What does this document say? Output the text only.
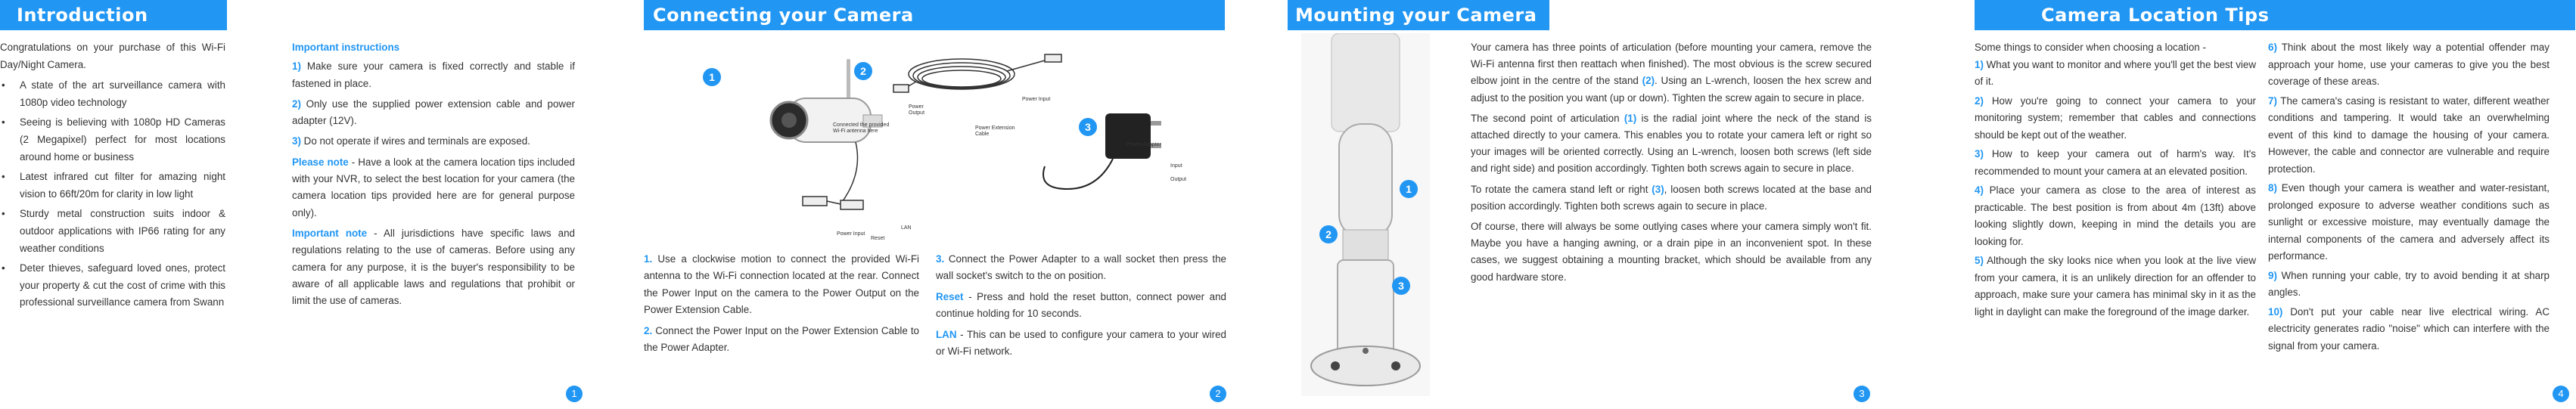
Introduction

Congratulations on your purchase of this Wi-Fi Day/Night Camera.

• A state of the art surveillance camera with 1080p video technology
• Seeing is believing with 1080p HD Cameras (2 Megapixel) perfect for most locations around home or business
• Latest infrared cut filter for amazing night vision to 66ft/20m for clarity in low light
• Sturdy metal construction suits indoor & outdoor applications with IP66 rating for any weather conditions
• Deter thieves, safeguard loved ones, protect your property & cut the cost of crime with this professional surveillance camera from Swann

Important instructions

1) Make sure your camera is fixed correctly and stable if fastened in place.

2) Only use the supplied power extension cable and power adapter (12V).

3) Do not operate if wires and terminals are exposed.

Please note - Have a look at the camera location tips included with your NVR, to select the best location for your camera (the camera location tips provided here are for general purpose only).

Important note - All jurisdictions have specific laws and regulations relating to the use of cameras. Before using any camera for any purpose, it is the buyer's responsibility to be aware of all applicable laws and regulations that prohibit or limit the use of cameras.

1
Connecting your Camera
1	2
3
Connected the provided Wi-Fi antenna here
Power Output
Power Extension Cable
Power Input
Power Adapter
Reset
LAN
Power Input
Input
Output

1. Use a clockwise motion to connect the provided Wi-Fi antenna to the Wi-Fi connection located at the rear. Connect the Power Input on the camera to the Power Output on the Power Extension Cable.

2. Connect the Power Input on the Power Extension Cable to the Power Adapter.

3. Connect the Power Adapter to a wall socket then press the wall socket's switch to the on position.

Reset - Press and hold the reset button, connect power and continue holding for 10 seconds.

LAN - This can be used to configure your camera to your wired or Wi-Fi network.

2
Mounting your Camera
1
2
3

Your camera has three points of articulation (before mounting your camera, remove the Wi-Fi antenna first then reattach when finished). The most obvious is the screw secured elbow joint in the centre of the stand (2). Using an L-wrench, loosen the hex screw and adjust to the position you want (up or down). Tighten the screw again to secure in place.

The second point of articulation (1) is the radial joint where the neck of the stand is attached directly to your camera. This enables you to rotate your camera left or right so your images will be oriented correctly. Using an L-wrench, loosen both screws (left side and right side) and position accordingly. Tighten both screws again to secure in place.

To rotate the camera stand left or right (3), loosen both screws located at the base and position accordingly. Tighten both screws again to secure in place.

Of course, there will always be some outlying cases where your camera simply won't fit. Maybe you have a hanging awning, or a drain pipe in an inconvenient spot. In these cases, we suggest obtaining a mounting bracket, which should be available from any good hardware store.

3
Camera Location Tips

Some things to consider when choosing a location -

1) What you want to monitor and where you'll get the best view of it.

2) How you're going to connect your camera to your monitoring system; remember that cables and connections should be kept out of the weather.

3) How to keep your camera out of harm's way. It's recommended to mount your camera at an elevated position.

4) Place your camera as close to the area of interest as practicable. The best position is from about 4m (13ft) above looking slightly down, keeping in mind the details you are looking for.

5) Although the sky looks nice when you look at the live view from your camera, it is an unlikely direction for an offender to approach, make sure your camera has minimal sky in it as the light in daylight can make the foreground of the image darker.

6) Think about the most likely way a potential offender may approach your home, use your cameras to give you the best coverage of these areas.

7) The camera's casing is resistant to water, different weather conditions and tampering. It would take an overwhelming event of this kind to damage the housing of your camera. However, the cable and connector are vulnerable and require protection.

8) Even though your camera is weather and water-resistant, prolonged exposure to adverse weather conditions such as sunlight or excessive moisture, may eventually damage the internal components of the camera and adversely affect its performance.

9) When running your cable, try to avoid bending it at sharp angles.

10) Don't put your cable near live electrical wiring. AC electricity generates radio "noise" which can interfere with the signal from your camera.

4
